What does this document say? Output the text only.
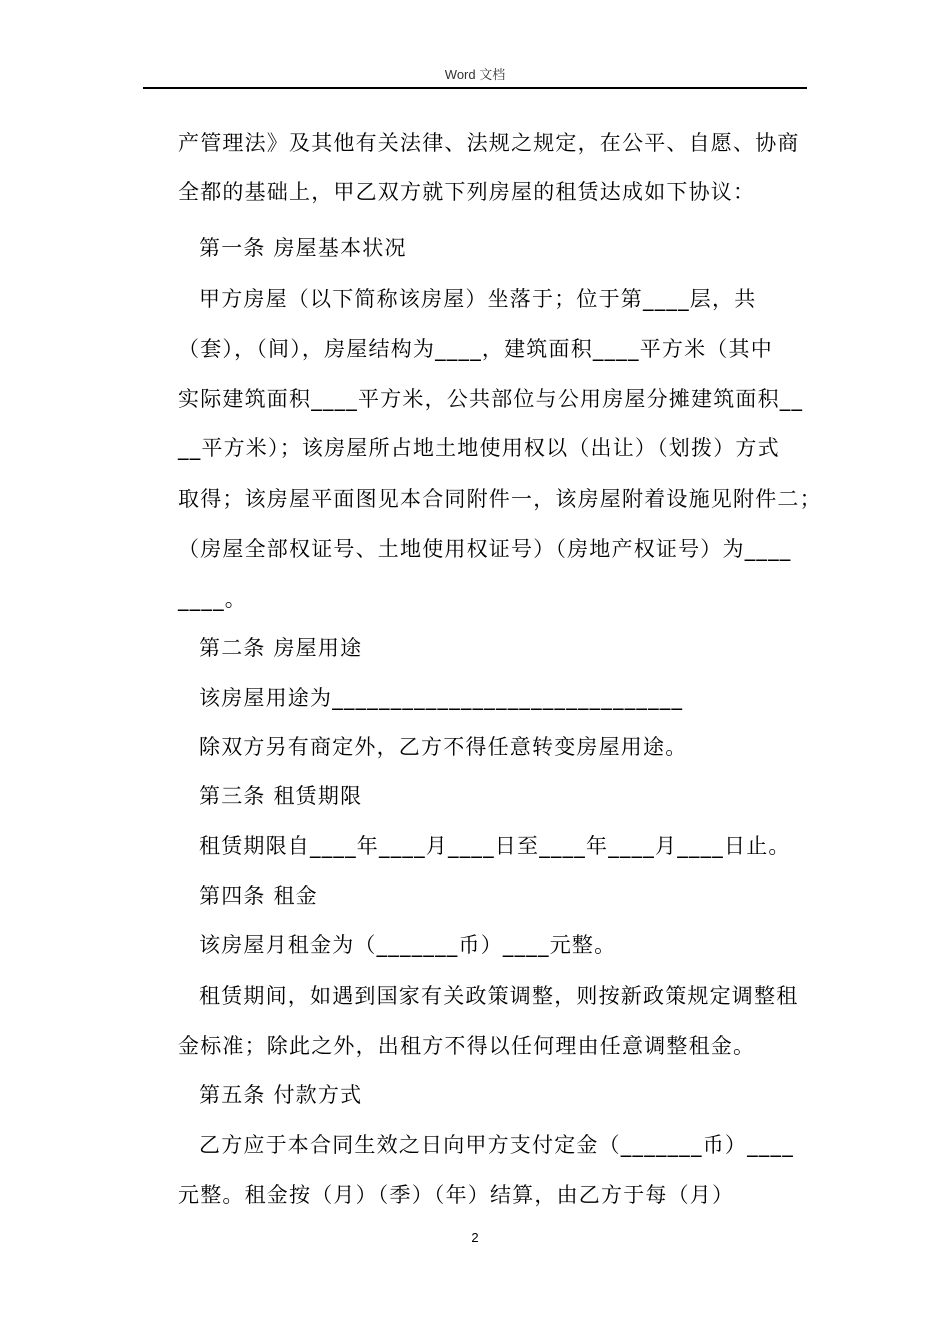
Word 文档
产管理法》及其他有关法律、法规之规定，在公平、自愿、协商
全都的基础上，甲乙双方就下列房屋的租赁达成如下协议：
第一条 房屋基本状况
甲方房屋（以下简称该房屋）坐落于；位于第____层，共
（套），（间），房屋结构为____，建筑面积____平方米（其中
实际建筑面积____平方米，公共部位与公用房屋分摊建筑面积__
__平方米）；该房屋所占地土地使用权以（出让）（划拨）方式
取得；该房屋平面图见本合同附件一，该房屋附着设施见附件二；
（房屋全部权证号、土地使用权证号）（房地产权证号）为____
____。
第二条 房屋用途
该房屋用途为______________________________
除双方另有商定外，乙方不得任意转变房屋用途。
第三条 租赁期限
租赁期限自____年____月____日至____年____月____日止。
第四条 租金
该房屋月租金为（_______币）____元整。
租赁期间，如遇到国家有关政策调整，则按新政策规定调整租
金标准；除此之外，出租方不得以任何理由任意调整租金。
第五条 付款方式
乙方应于本合同生效之日向甲方支付定金（_______币）____
元整。租金按（月）（季）（年）结算，由乙方于每（月）
2
